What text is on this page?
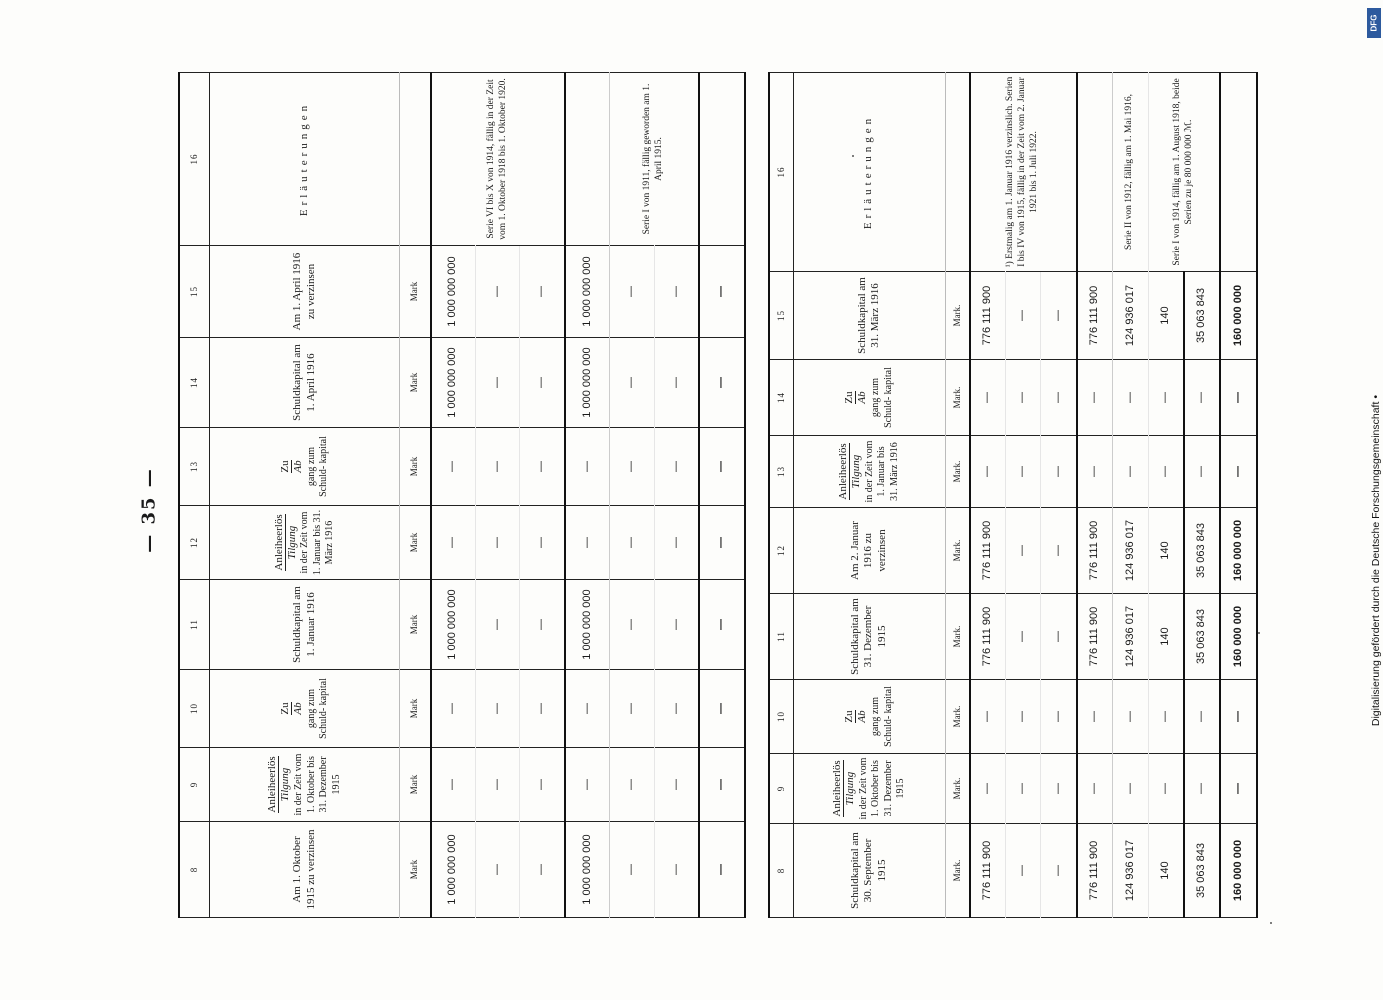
— 35 —
8	9	10	11	12	13	14	15	16
Am 1. Oktober 1915 zu verzinsen	Anleiheerlös Tilgung in der Zeit vom 1. Oktober bis 31. Dezember 1915	Zu Ab gang zum Schuld- kapital	Schuldkapital am 1. Januar 1916	Anleiheerlös Tilgung in der Zeit vom 1. Januar bis 31. März 1916	Zu Ab gang zum Schuld- kapital	Schuldkapital am 1. April 1916	Am 1. April 1916 zu verzinsen	Erläuterungen
Mark	Mark	Mark	Mark	Mark	Mark	Mark	Mark	
1 000 000 000	—	—	1 000 000 000	—	—	1 000 000 000	1 000 000 000	Serie VI bis X von 1914, fällig in der Zeit vom 1. Oktober 1918 bis 1. Oktober 1920.
—	—	—	—	—	—	—	—	
—	—	—	—	—	—	—	—	
1 000 000 000	—	—	1 000 000 000	—	—	1 000 000 000	1 000 000 000	
—	—	—	—	—	—	—	—	Serie I von 1911, fällig geworden am 1. April 1915.
—	—	—	—	—	—	—	—	
—	—	—	—	—	—	—	—	
8	9	10	11	12	13	14	15	16
Schuldkapital am 30. September 1915	Anleiheerlös Tilgung in der Zeit vom 1. Oktober bis 31. Dezember 1915	Zu Ab gang zum Schuld- kapital	Schuldkapital am 31. Dezember 1915	Am 2. Januar 1916 zu verzinsen	Anleiheerlös Tilgung in der Zeit vom 1. Januar bis 31. März 1916	Zu Ab gang zum Schuld- kapital	Schuldkapital am 31. März 1916	Erläuterungen
Mark.	Mark.	Mark.	Mark.	Mark.	Mark.	Mark.	Mark.	
776 111 900	—	—	776 111 900	776 111 900	—	—	776 111 900	¹) Erstmalig am 1. Januar 1916 verzinslich. Serien I bis IV von 1915, fällig in der Zeit vom 2. Januar 1921 bis 1. Juli 1922.
—	—	—	—	—	—	—	—	
—	—	—	—	—	—	—	—	
776 111 900	—	—	776 111 900	776 111 900	—	—	776 111 900	
124 936 017	—	—	124 936 017	124 936 017	—	—	124 936 017	Serie II von 1912, fällig am 1. Mai 1916,
140	—	—	140	140	—	—	140	Serie I von 1914, fällig am 1. August 1918, beide Serien zu je 80 000 000 ℳ.
35 063 843	—	—	35 063 843	35 063 843	—	—	35 063 843	
160 000 000	—	—	160 000 000	160 000 000	—	—	160 000 000	
DFG
Digitalisierung gefördert durch die Deutsche Forschungsgemeinschaft •
